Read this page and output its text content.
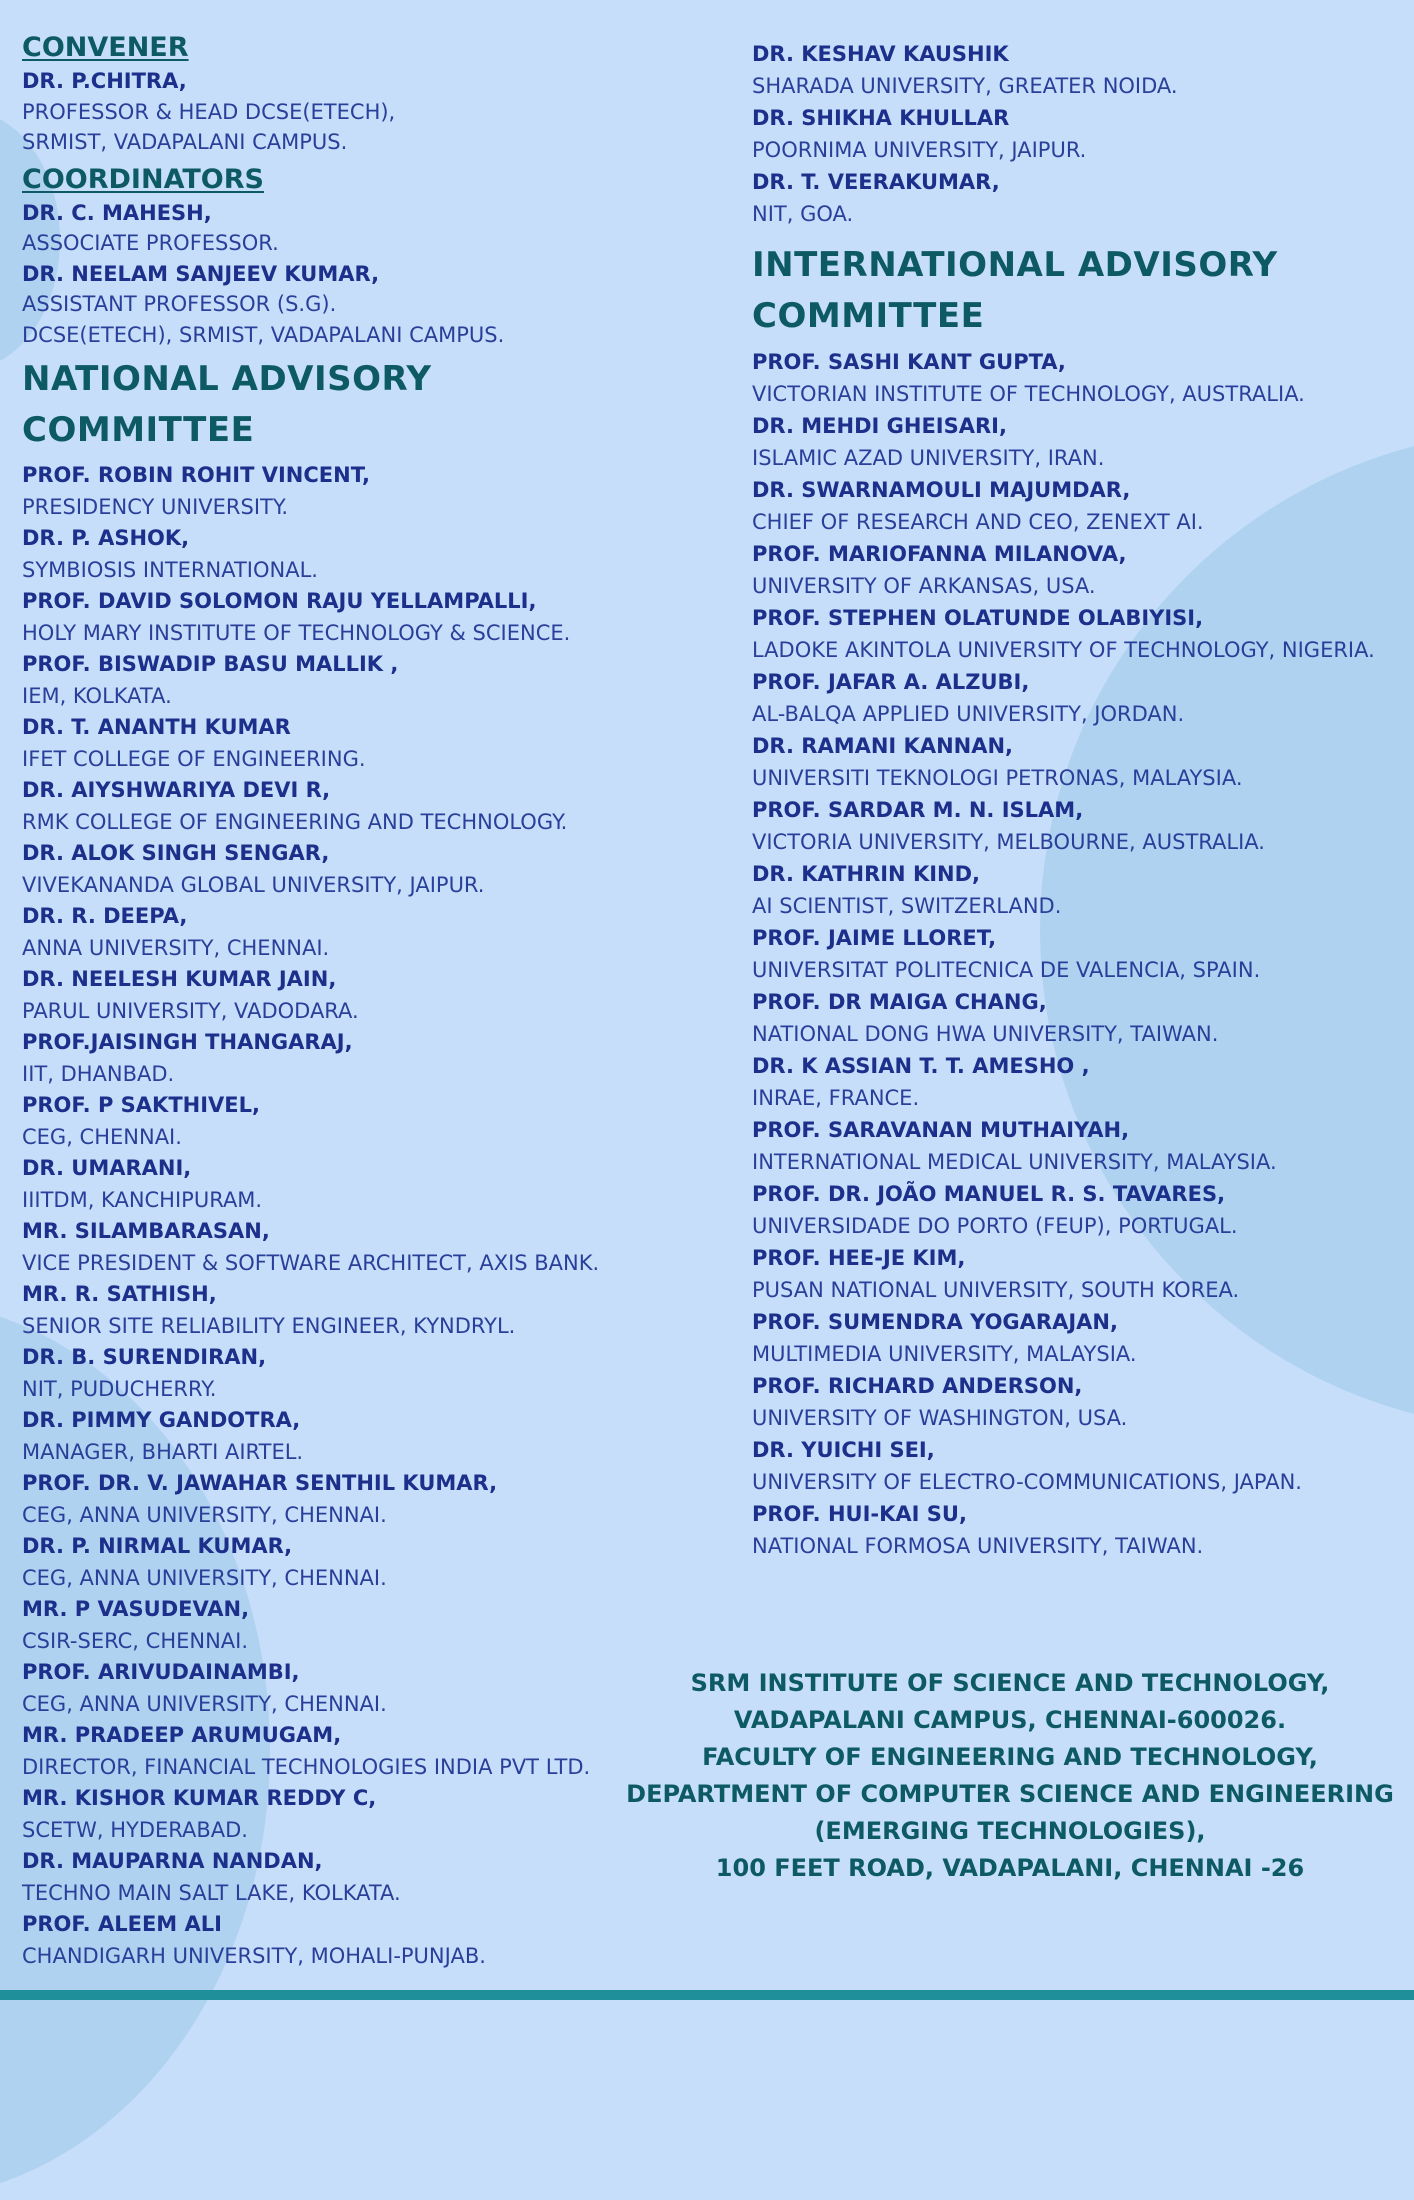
CONVENER
DR. P.CHITRA,
PROFESSOR & HEAD DCSE(ETECH),
SRMIST, VADAPALANI CAMPUS.
COORDINATORS
DR. C. MAHESH,
ASSOCIATE PROFESSOR.
DR. NEELAM SANJEEV KUMAR,
ASSISTANT PROFESSOR (S.G).
DCSE(ETECH), SRMIST, VADAPALANI CAMPUS.
NATIONAL ADVISORY COMMITTEE
PROF. ROBIN ROHIT VINCENT,
PRESIDENCY UNIVERSITY.
DR. P. ASHOK,
SYMBIOSIS INTERNATIONAL.
PROF. DAVID SOLOMON RAJU YELLAMPALLI,
HOLY MARY INSTITUTE OF TECHNOLOGY & SCIENCE.
PROF. BISWADIP BASU MALLIK ,
IEM, KOLKATA.
DR. T. ANANTH KUMAR
IFET COLLEGE OF ENGINEERING.
DR. AIYSHWARIYA DEVI R,
RMK COLLEGE OF ENGINEERING AND TECHNOLOGY.
DR. ALOK SINGH SENGAR,
VIVEKANANDA GLOBAL UNIVERSITY, JAIPUR.
DR. R. DEEPA,
ANNA UNIVERSITY, CHENNAI.
DR. NEELESH KUMAR JAIN,
PARUL UNIVERSITY, VADODARA.
PROF.JAISINGH THANGARAJ,
IIT, DHANBAD.
PROF. P SAKTHIVEL,
CEG, CHENNAI.
DR. UMARANI,
IIITDM, KANCHIPURAM.
MR. SILAMBARASAN,
VICE PRESIDENT & SOFTWARE ARCHITECT, AXIS BANK.
MR. R. SATHISH,
SENIOR SITE RELIABILITY ENGINEER, KYNDRYL.
DR. B. SURENDIRAN,
NIT, PUDUCHERRY.
DR. PIMMY GANDOTRA,
MANAGER, BHARTI AIRTEL.
PROF. DR. V. JAWAHAR SENTHIL KUMAR,
CEG, ANNA UNIVERSITY, CHENNAI.
DR. P. NIRMAL KUMAR,
CEG, ANNA UNIVERSITY, CHENNAI.
MR. P VASUDEVAN,
CSIR-SERC, CHENNAI.
PROF. ARIVUDAINAMBI,
CEG, ANNA UNIVERSITY, CHENNAI.
MR. PRADEEP ARUMUGAM,
DIRECTOR, FINANCIAL TECHNOLOGIES INDIA PVT LTD.
MR. KISHOR KUMAR REDDY C,
SCETW, HYDERABAD.
DR. MAUPARNA NANDAN,
TECHNO MAIN SALT LAKE, KOLKATA.
PROF. ALEEM ALI
CHANDIGARH UNIVERSITY, MOHALI-PUNJAB.
DR. KESHAV KAUSHIK
SHARADA UNIVERSITY, GREATER NOIDA.
DR. SHIKHA KHULLAR
POORNIMA UNIVERSITY, JAIPUR.
DR. T. VEERAKUMAR,
NIT, GOA.
INTERNATIONAL ADVISORY
COMMITTEE
PROF. SASHI KANT GUPTA,
VICTORIAN INSTITUTE OF TECHNOLOGY, AUSTRALIA.
DR. MEHDI GHEISARI,
ISLAMIC AZAD UNIVERSITY, IRAN.
DR. SWARNAMOULI MAJUMDAR,
CHIEF OF RESEARCH AND CEO, ZENEXT AI.
PROF. MARIOFANNA MILANOVA,
UNIVERSITY OF ARKANSAS, USA.
PROF. STEPHEN OLATUNDE OLABIYISI,
LADOKE AKINTOLA UNIVERSITY OF TECHNOLOGY, NIGERIA.
PROF. JAFAR A. ALZUBI,
AL-BALQA APPLIED UNIVERSITY, JORDAN.
DR. RAMANI KANNAN,
UNIVERSITI TEKNOLOGI PETRONAS, MALAYSIA.
PROF. SARDAR M. N. ISLAM,
VICTORIA UNIVERSITY, MELBOURNE, AUSTRALIA.
DR. KATHRIN KIND,
AI SCIENTIST, SWITZERLAND.
PROF. JAIME LLORET,
UNIVERSITAT POLITECNICA DE VALENCIA, SPAIN.
PROF. DR MAIGA CHANG,
NATIONAL DONG HWA UNIVERSITY, TAIWAN.
DR. K ASSIAN T. T. AMESHO ,
INRAE, FRANCE.
PROF. SARAVANAN MUTHAIYAH,
INTERNATIONAL MEDICAL UNIVERSITY, MALAYSIA.
PROF. DR. JOÃO MANUEL R. S. TAVARES,
UNIVERSIDADE DO PORTO (FEUP), PORTUGAL.
PROF. HEE-JE KIM,
PUSAN NATIONAL UNIVERSITY, SOUTH KOREA.
PROF. SUMENDRA YOGARAJAN,
MULTIMEDIA UNIVERSITY, MALAYSIA.
PROF. RICHARD ANDERSON,
UNIVERSITY OF WASHINGTON, USA.
DR. YUICHI SEI,
UNIVERSITY OF ELECTRO-COMMUNICATIONS, JAPAN.
PROF. HUI-KAI SU,
NATIONAL FORMOSA UNIVERSITY, TAIWAN.
SRM INSTITUTE OF SCIENCE AND TECHNOLOGY,
VADAPALANI CAMPUS, CHENNAI-600026.
FACULTY OF ENGINEERING AND TECHNOLOGY,
DEPARTMENT OF COMPUTER SCIENCE AND ENGINEERING
(EMERGING TECHNOLOGIES),
100 FEET ROAD, VADAPALANI, CHENNAI -26
